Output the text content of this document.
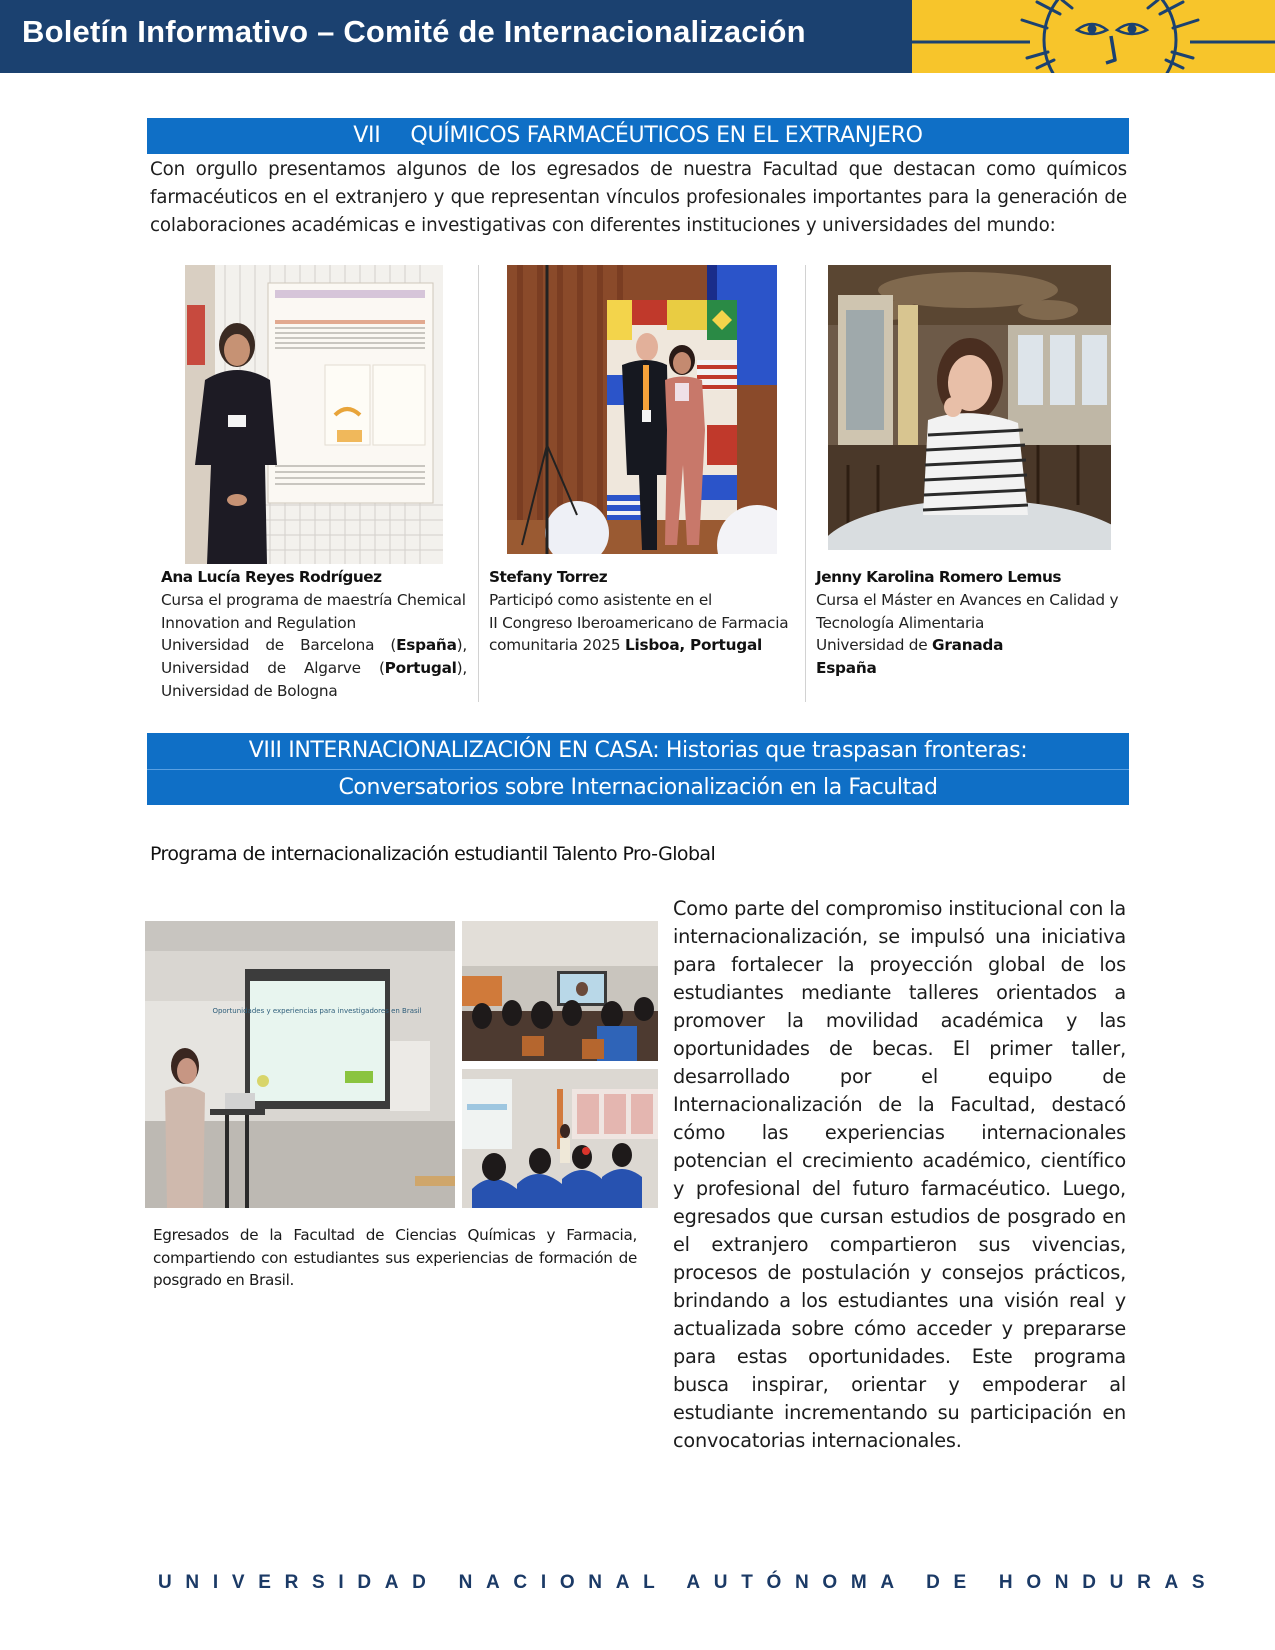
Boletín Informativo – Comité de Internacionalización
VII QUÍMICOS FARMACÉUTICOS EN EL EXTRANJERO

Con orgullo presentamos algunos de los egresados de nuestra Facultad que destacan como químicos farmacéuticos en el extranjero y que representan vínculos profesionales importantes para la generación de colaboraciones académicas e investigativas con diferentes instituciones y universidades del mundo:

Ana Lucía Reyes Rodríguez
Cursa el programa de maestría Chemical Innovation and Regulation
Universidad de Barcelona (España),
Universidad de Algarve (Portugal),
Universidad de Bologna
Stefany Torrez
Participó como asistente en el
II Congreso Iberoamericano de Farmacia comunitaria 2025 Lisboa, Portugal
Jenny Karolina Romero Lemus
Cursa el Máster en Avances en Calidad y Tecnología Alimentaria
Universidad de Granada
España
VIII INTERNACIONALIZACIÓN EN CASA: Historias que traspasan fronteras:
Conversatorios sobre Internacionalización en la Facultad
Programa de internacionalización estudiantil Talento Pro-Global
Oportunidades y experiencias para investigadores en Brasil

Egresados de la Facultad de Ciencias Químicas y Farmacia, compartiendo con estudiantes sus experiencias de formación de posgrado en Brasil.

Como parte del compromiso institucional con la internacionalización, se impulsó una iniciativa para fortalecer la proyección global de los estudiantes mediante talleres orientados a promover la movilidad académica y las oportunidades de becas. El primer taller, desarrollado por el equipo de Internacionalización de la Facultad, destacó cómo las experiencias internacionales potencian el crecimiento académico, científico y profesional del futuro farmacéutico. Luego, egresados que cursan estudios de posgrado en el extranjero compartieron sus vivencias, procesos de postulación y consejos prácticos, brindando a los estudiantes una visión real y actualizada sobre cómo acceder y prepararse para estas oportunidades. Este programa busca inspirar, orientar y empoderar al estudiante incrementando su participación en convocatorias internacionales.

UNIVERSIDAD NACIONAL AUTÓNOMA DE HONDURAS
